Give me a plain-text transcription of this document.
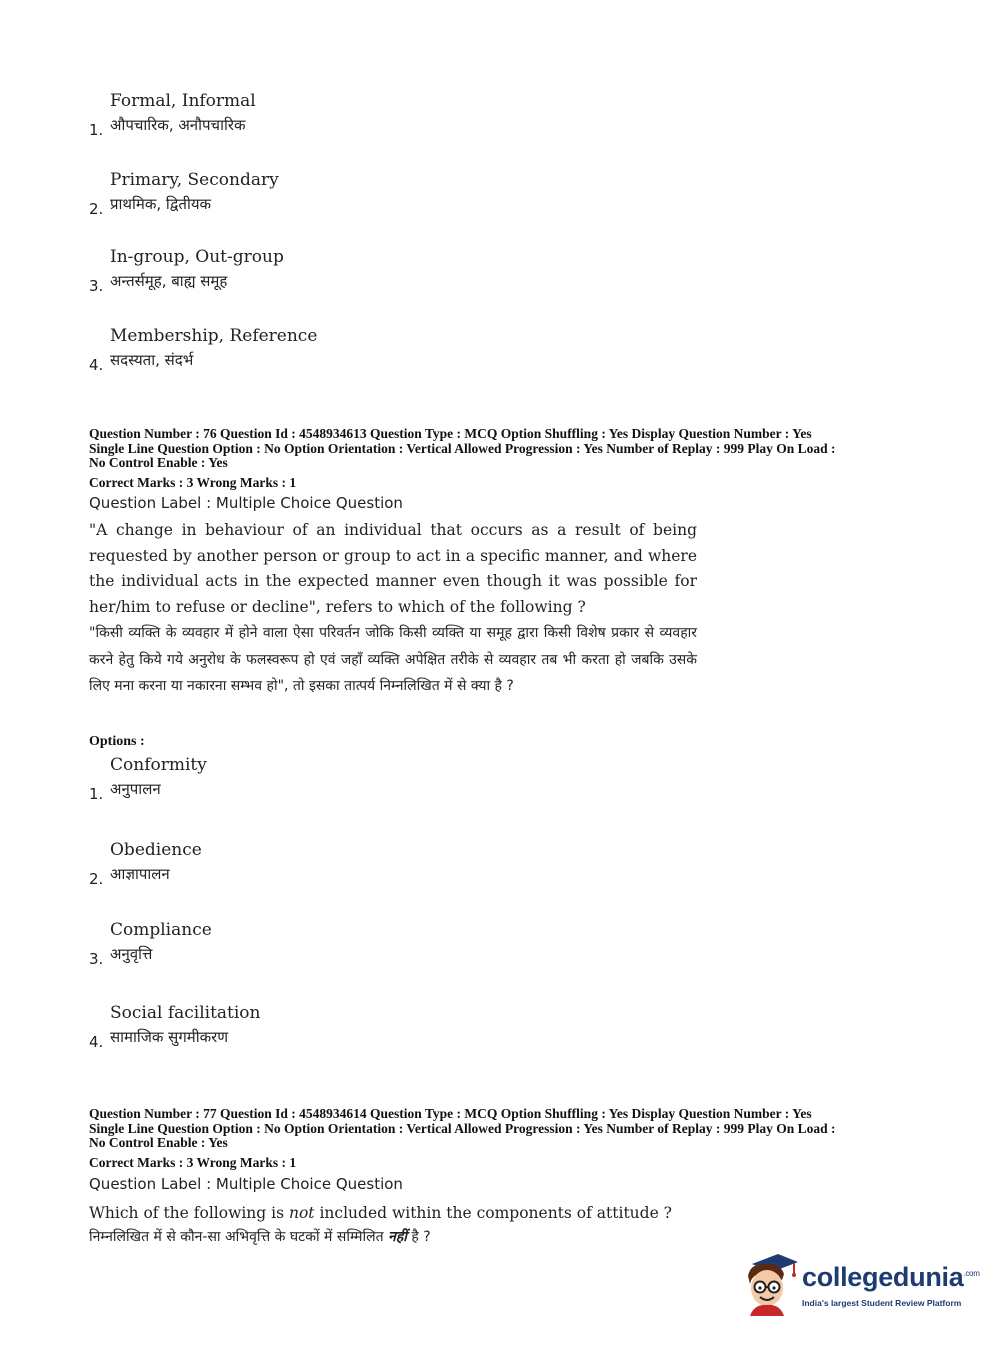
Formal, Informal
औपचारिक, अनौपचारिक
1.
Primary, Secondary
प्राथमिक, द्वितीयक
2.
In-group, Out-group
अन्तर्समूह, बाह्य समूह
3.
Membership, Reference
सदस्यता, संदर्भ
4.
Question Number : 76 Question Id : 4548934613 Question Type : MCQ Option Shuffling : Yes Display Question Number : Yes
Single Line Question Option : No Option Orientation : Vertical Allowed Progression : Yes Number of Replay : 999 Play On Load :
No Control Enable : Yes
Correct Marks : 3 Wrong Marks : 1
Question Label : Multiple Choice Question
"A change in behaviour of an individual that occurs as a result of being requested by another person or group to act in a specific manner, and where the individual acts in the expected manner even though it was possible for her/him to refuse or decline", refers to which of the following ?
"किसी व्यक्ति के व्यवहार में होने वाला ऐसा परिवर्तन जोकि किसी व्यक्ति या समूह द्वारा किसी विशेष प्रकार से व्यवहार करने हेतु किये गये अनुरोध के फलस्वरूप हो एवं जहाँ व्यक्ति अपेक्षित तरीके से व्यवहार तब भी करता हो जबकि उसके लिए मना करना या नकारना सम्भव हो", तो इसका तात्पर्य निम्नलिखित में से क्या है ?
Options :
Conformity
अनुपालन
1.
Obedience
आज्ञापालन
2.
Compliance
अनुवृत्ति
3.
Social facilitation
सामाजिक सुगमीकरण
4.
Question Number : 77 Question Id : 4548934614 Question Type : MCQ Option Shuffling : Yes Display Question Number : Yes
Single Line Question Option : No Option Orientation : Vertical Allowed Progression : Yes Number of Replay : 999 Play On Load :
No Control Enable : Yes
Correct Marks : 3 Wrong Marks : 1
Question Label : Multiple Choice Question
Which of the following is not included within the components of attitude ?
निम्नलिखित में से कौन-सा अभिवृत्ति के घटकों में सम्मिलित नहीं है ?
collegedunia$^{.com}$
India's largest Student Review Platform
